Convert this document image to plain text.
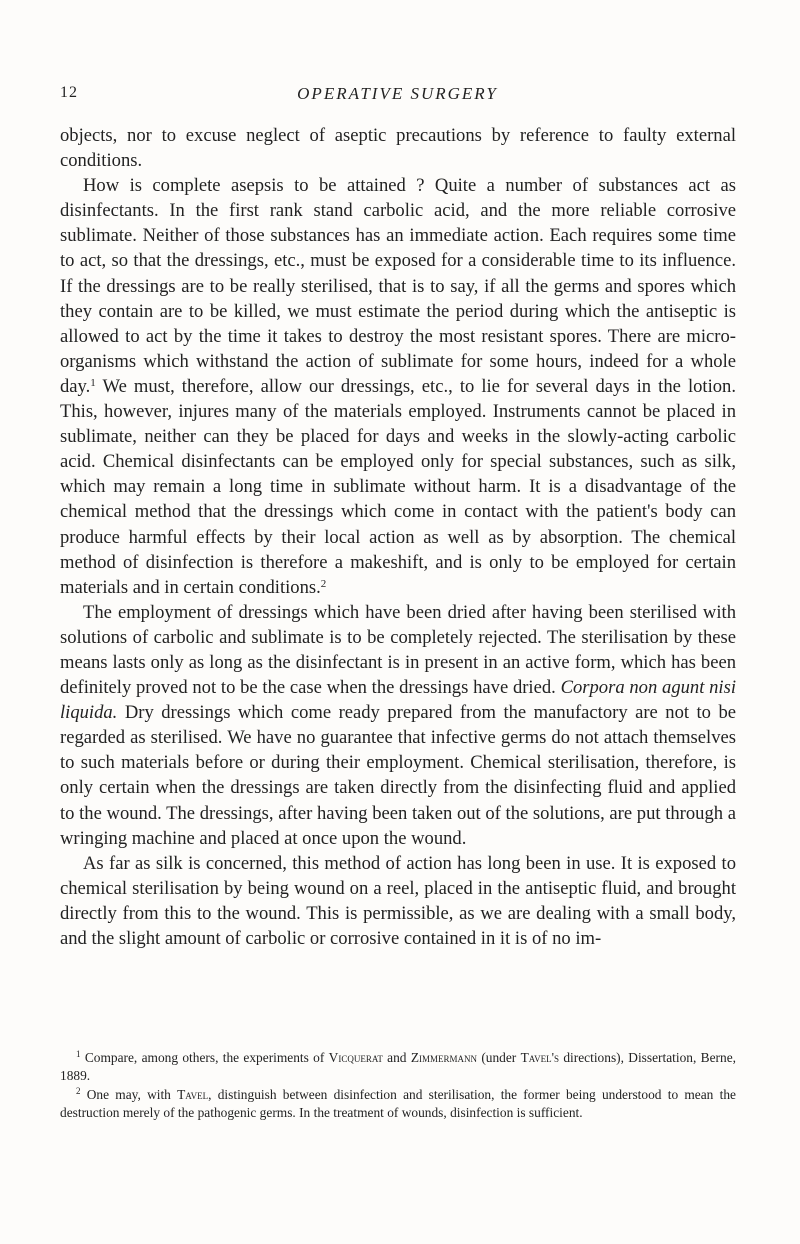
12	OPERATIVE SURGERY

objects, nor to excuse neglect of aseptic precautions by reference to faulty external conditions.

How is complete asepsis to be attained ? Quite a number of substances act as disinfectants. In the first rank stand carbolic acid, and the more reliable corrosive sublimate. Neither of those substances has an immediate action. Each requires some time to act, so that the dressings, etc., must be exposed for a considerable time to its influence. If the dressings are to be really sterilised, that is to say, if all the germs and spores which they contain are to be killed, we must estimate the period during which the antiseptic is allowed to act by the time it takes to destroy the most resistant spores. There are micro-organisms which withstand the action of sublimate for some hours, indeed for a whole day.$^1$ We must, therefore, allow our dressings, etc., to lie for several days in the lotion. This, however, injures many of the materials employed. Instruments cannot be placed in sublimate, neither can they be placed for days and weeks in the slowly-acting carbolic acid. Chemical disinfectants can be employed only for special substances, such as silk, which may remain a long time in sublimate without harm. It is a disadvantage of the chemical method that the dressings which come in contact with the patient's body can produce harmful effects by their local action as well as by absorption. The chemical method of disinfection is therefore a makeshift, and is only to be employed for certain materials and in certain conditions.$^2$

The employment of dressings which have been dried after having been sterilised with solutions of carbolic and sublimate is to be completely rejected. The sterilisation by these means lasts only as long as the disinfectant is in present in an active form, which has been definitely proved not to be the case when the dressings have dried. Corpora non agunt nisi liquida. Dry dressings which come ready prepared from the manufactory are not to be regarded as sterilised. We have no guarantee that infective germs do not attach themselves to such materials before or during their employment. Chemical sterilisation, therefore, is only certain when the dressings are taken directly from the disinfecting fluid and applied to the wound. The dressings, after having been taken out of the solutions, are put through a wringing machine and placed at once upon the wound.

As far as silk is concerned, this method of action has long been in use. It is exposed to chemical sterilisation by being wound on a reel, placed in the antiseptic fluid, and brought directly from this to the wound. This is permissible, as we are dealing with a small body, and the slight amount of carbolic or corrosive contained in it is of no im-

$^1$ Compare, among others, the experiments of Vicquerat and Zimmermann (under Tavel's directions), Dissertation, Berne, 1889.

$^2$ One may, with Tavel, distinguish between disinfection and sterilisation, the former being understood to mean the destruction merely of the pathogenic germs. In the treatment of wounds, disinfection is sufficient.
